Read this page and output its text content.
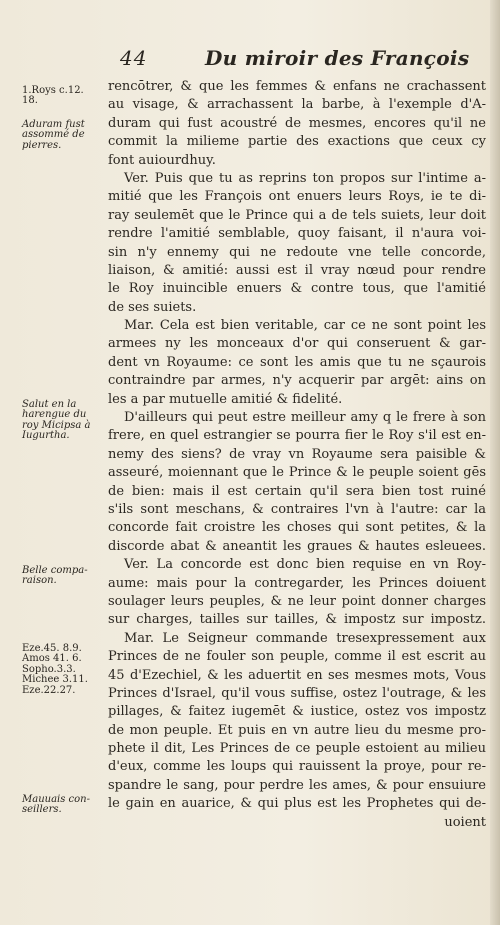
44	Du miroir des François
1.Roys c.12.
18.
Aduram fust
assommé de
pierres.
Salut en la
harengue du
roy Micipsa à
Iugurtha.
Belle compa-
raison.
Eze.45. 8.9.
Amos 41. 6.
Sopho.3.3.
Michee 3.11.
Eze.22.27.
Mauuais con-
seillers.
rencōtrer, & que les femmes & enfans ne crachassent
au visage, & arrachassent la barbe, à l'exemple d'A-
duram qui fust acoustré de mesmes, encores qu'il ne
commit la milieme partie des exactions que ceux cy
font auiourdhuy.
Ver. Puis que tu as reprins ton propos sur l'intime a-
mitié que les François ont enuers leurs Roys, ie te di-
ray seulemēt que le Prince qui a de tels suiets, leur doit
rendre l'amitié semblable, quoy faisant, il n'aura voi-
sin n'y ennemy qui ne redoute vne telle concorde,
liaison, & amitié: aussi est il vray nœud pour rendre
le Roy inuincible enuers & contre tous, que l'amitié
de ses suiets.
Mar. Cela est bien veritable, car ce ne sont point les
armees ny les monceaux d'or qui conseruent & gar-
dent vn Royaume: ce sont les amis que tu ne sçaurois
contraindre par armes, n'y acquerir par argēt: ains on
les a par mutuelle amitié & fidelité.
D'ailleurs qui peut estre meilleur amy q le frere à son
frere, en quel estrangier se pourra fier le Roy s'il est en-
nemy des siens? de vray vn Royaume sera paisible &
asseuré, moiennant que le Prince & le peuple soient gēs
de bien: mais il est certain qu'il sera bien tost ruiné
s'ils sont meschans, & contraires l'vn à l'autre: car la
concorde fait croistre les choses qui sont petites, & la
discorde abat & aneantit les graues & hautes esleuees.
Ver. La concorde est donc bien requise en vn Roy-
aume: mais pour la contregarder, les Princes doiuent
soulager leurs peuples, & ne leur point donner charges
sur charges, tailles sur tailles, & impostz sur impostz.
Mar. Le Seigneur commande tresexpressement aux
Princes de ne fouler son peuple, comme il est escrit au
45 d'Ezechiel, & les aduertit en ses mesmes mots, Vous
Princes d'Israel, qu'il vous suffise, ostez l'outrage, & les
pillages, & faitez iugemēt & iustice, ostez vos impostz
de mon peuple. Et puis en vn autre lieu du mesme pro-
phete il dit, Les Princes de ce peuple estoient au milieu
d'eux, comme les loups qui rauissent la proye, pour re-
spandre le sang, pour perdre les ames, & pour ensuiure
le gain en auarice, & qui plus est les Prophetes qui de-
uoient
